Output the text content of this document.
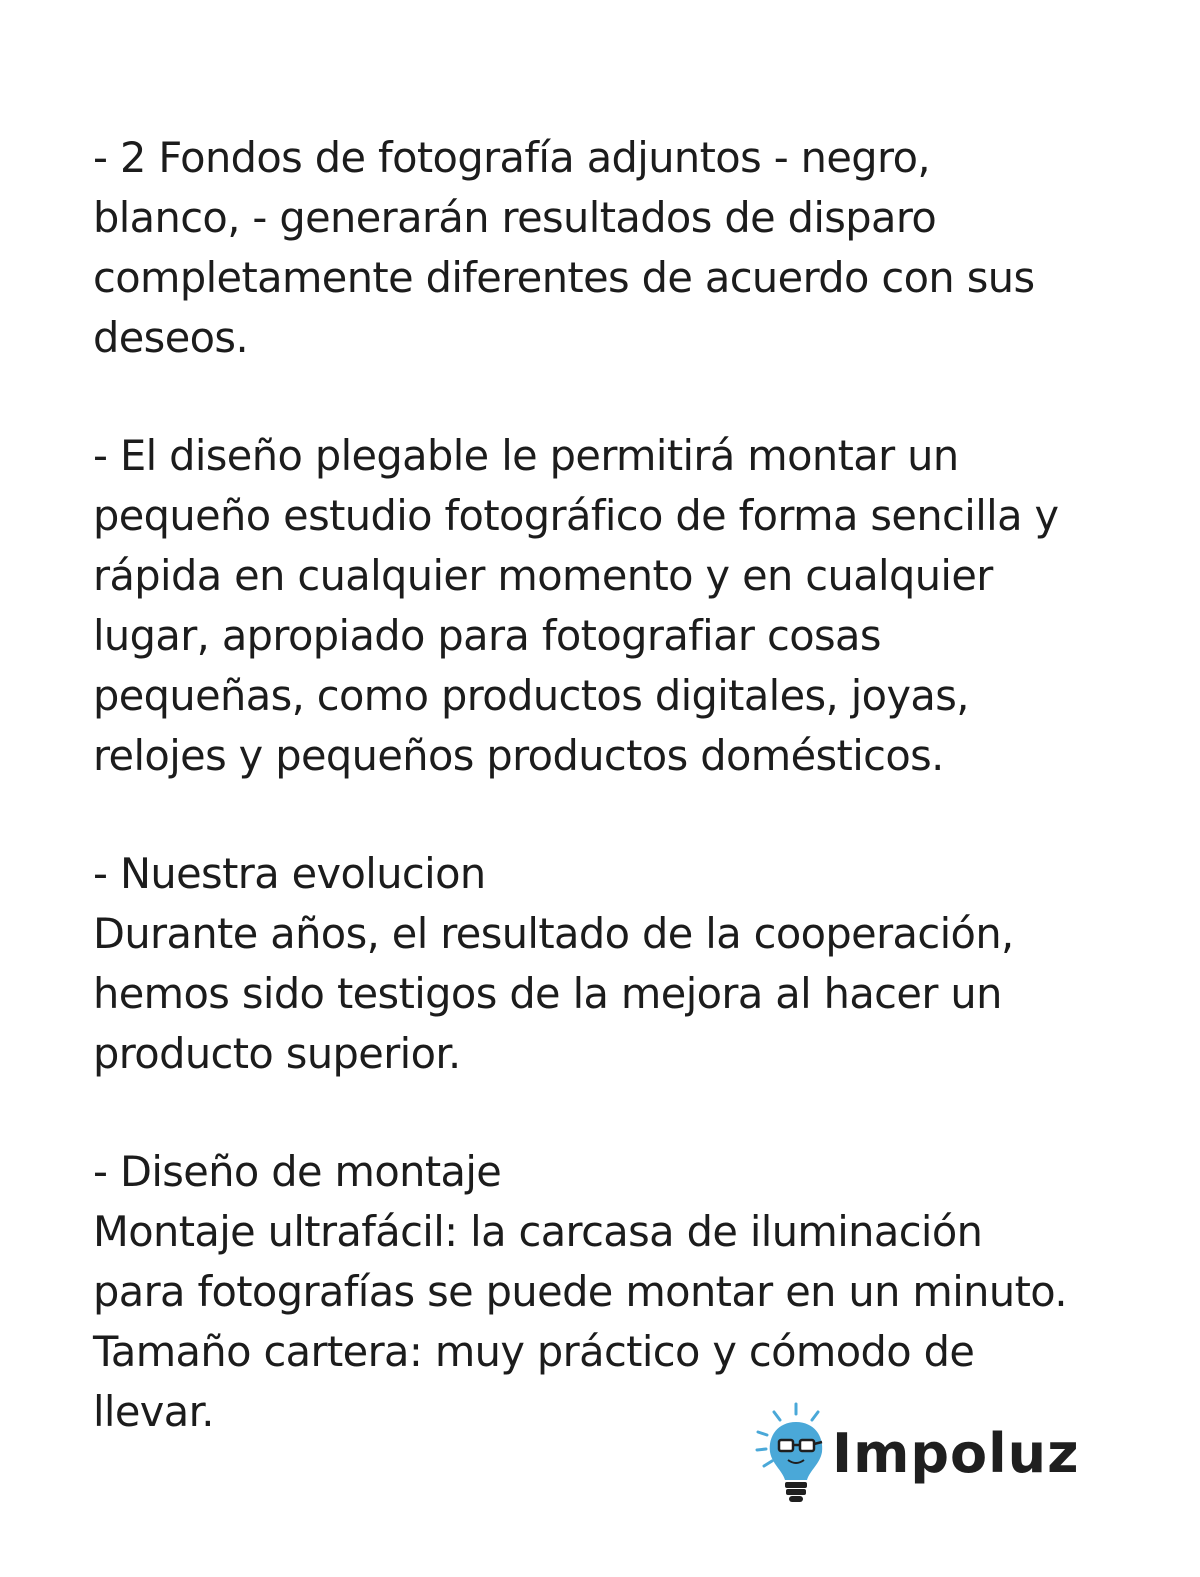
- 2 Fondos de fotografía adjuntos - negro,
blanco, - generarán resultados de disparo
completamente diferentes de acuerdo con sus
deseos.
- El diseño plegable le permitirá montar un
pequeño estudio fotográfico de forma sencilla y
rápida en cualquier momento y en cualquier
lugar, apropiado para fotografiar cosas
pequeñas, como productos digitales, joyas,
relojes y pequeños productos domésticos.
- Nuestra evolucion
Durante años, el resultado de la cooperación,
hemos sido testigos de la mejora al hacer un
producto superior.
- Diseño de montaje
Montaje ultrafácil: la carcasa de iluminación
para fotografías se puede montar en un minuto.
Tamaño cartera: muy práctico y cómodo de
llevar.
Impoluz
